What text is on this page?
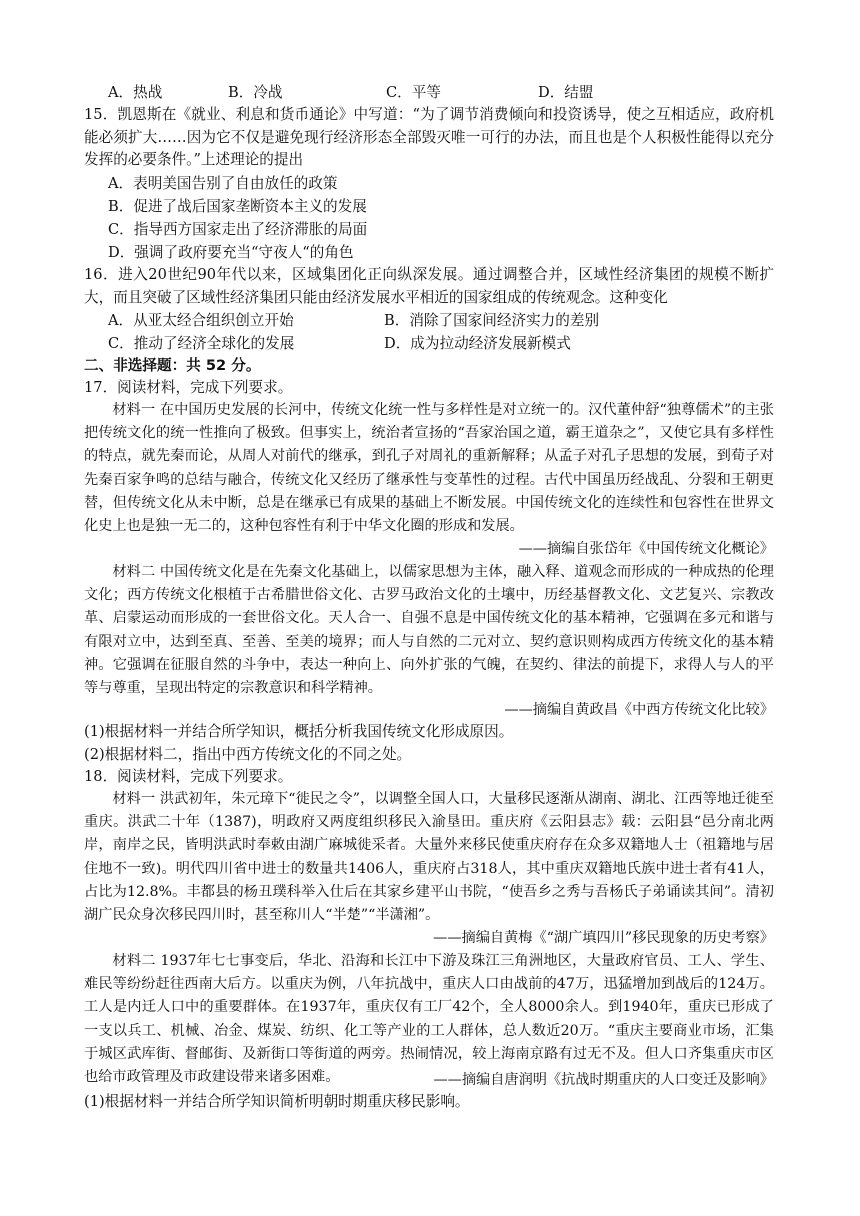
A．热战	B．冷战	C．平等	D．结盟
15．凯恩斯在《就业、利息和货币通论》中写道：“为了调节消费倾向和投资诱导，使之互相适应，政府机能必须扩大……因为它不仅是避免现行经济形态全部毁灭唯一可行的办法，而且也是个人积极性能得以充分发挥的必要条件。”上述理论的提出
A．表明美国告别了自由放任的政策
B．促进了战后国家垄断资本主义的发展
C．指导西方国家走出了经济滞胀的局面
D．强调了政府要充当“守夜人“的角色
16．进入20世纪90年代以来，区域集团化正向纵深发展。通过调整合并，区域性经济集团的规模不断扩大，而且突破了区域性经济集团只能由经济发展水平相近的国家组成的传统观念。这种变化
A．从亚太经合组织创立开始	B．消除了国家间经济实力的差别
C．推动了经济全球化的发展	D．成为拉动经济发展新模式
二、非选择题：共 52 分。
17．阅读材料，完成下列要求。
材料一 在中国历史发展的长河中，传统文化统一性与多样性是对立统一的。汉代董仲舒“独尊儒术”的主张把传统文化的统一性推向了极致。但事实上，统治者宣扬的“吾家治国之道，霸王道杂之”，又使它具有多样性的特点，就先秦而论，从周人对前代的继承，到孔子对周礼的重新解释；从孟子对孔子思想的发展，到荀子对先秦百家争鸣的总结与融合，传统文化又经历了继承性与变革性的过程。古代中国虽历经战乱、分裂和王朝更替，但传统文化从未中断，总是在继承已有成果的基础上不断发展。中国传统文化的连续性和包容性在世界文化史上也是独一无二的，这种包容性有利于中华文化圈的形成和发展。
——摘编自张岱年《中国传统文化概论》
材料二 中国传统文化是在先秦文化基础上，以儒家思想为主体，融入释、道观念而形成的一种成热的伦理文化；西方传统文化根植于古希腊世俗文化、古罗马政治文化的土壤中，历经基督教文化、文艺复兴、宗教改革、启蒙运动而形成的一套世俗文化。天人合一、自强不息是中国传统文化的基本精神，它强调在多元和谐与有限对立中，达到至真、至善、至美的境界；而人与自然的二元对立、契约意识则构成西方传统文化的基本精神。它强调在征服自然的斗争中，表达一种向上、向外扩张的气魄，在契约、律法的前提下，求得人与人的平等与尊重，呈现出特定的宗教意识和科学精神。
——摘编自黄政昌《中西方传统文化比较》
(1)根据材料一并结合所学知识，概括分析我国传统文化形成原因。
(2)根据材料二，指出中西方传统文化的不同之处。
18．阅读材料，完成下列要求。
材料一 洪武初年，朱元璋下“徙民之令”，以调整全国人口，大量移民逐渐从湖南、湖北、江西等地迁徙至重庆。洪武二十年（1387)，明政府又两度组织移民入渝垦田。重庆府《云阳县志》载：云阳县“邑分南北两岸，南岸之民，皆明洪武时奉敕由湖广麻城徙采者。大量外来移民使重庆府存在众多双籍地人士（祖籍地与居住地不一致)。明代四川省中进士的数量共1406人，重庆府占318人，其中重庆双籍地氏族中进士者有41人，占比为12.8%。丰都县的杨丑璞科举入仕后在其家乡建平山书院，“使吾乡之秀与吾杨氏子弟诵读其间”。清初湖广民众身次移民四川时，甚至称川人“半楚”“半潇湘”。
——摘编自黄梅《“湖广填四川”移民现象的历史考察》
材料二 1937年七七事变后，华北、沿海和长江中下游及珠江三角洲地区，大量政府官员、工人、学生、难民等纷纷赶往西南大后方。以重庆为例，八年抗战中，重庆人口由战前的47万，迅猛增加到战后的124万。工人是内迁人口中的重要群体。在1937年，重庆仅有工厂42个，全人8000余人。到1940年，重庆已形成了一支以兵工、机械、冶金、煤炭、纺织、化工等产业的工人群体，总人数近20万。“重庆主要商业市场，汇集于城区武库街、督邮街、及新街口等街道的两旁。热闹情况，较上海南京路有过无不及。但人口齐集重庆市区也给市政管理及市政建设带来诸多困难。	——摘编自唐润明《抗战时期重庆的人口变迁及影响》
(1)根据材料一并结合所学知识简析明朝时期重庆移民影响。
